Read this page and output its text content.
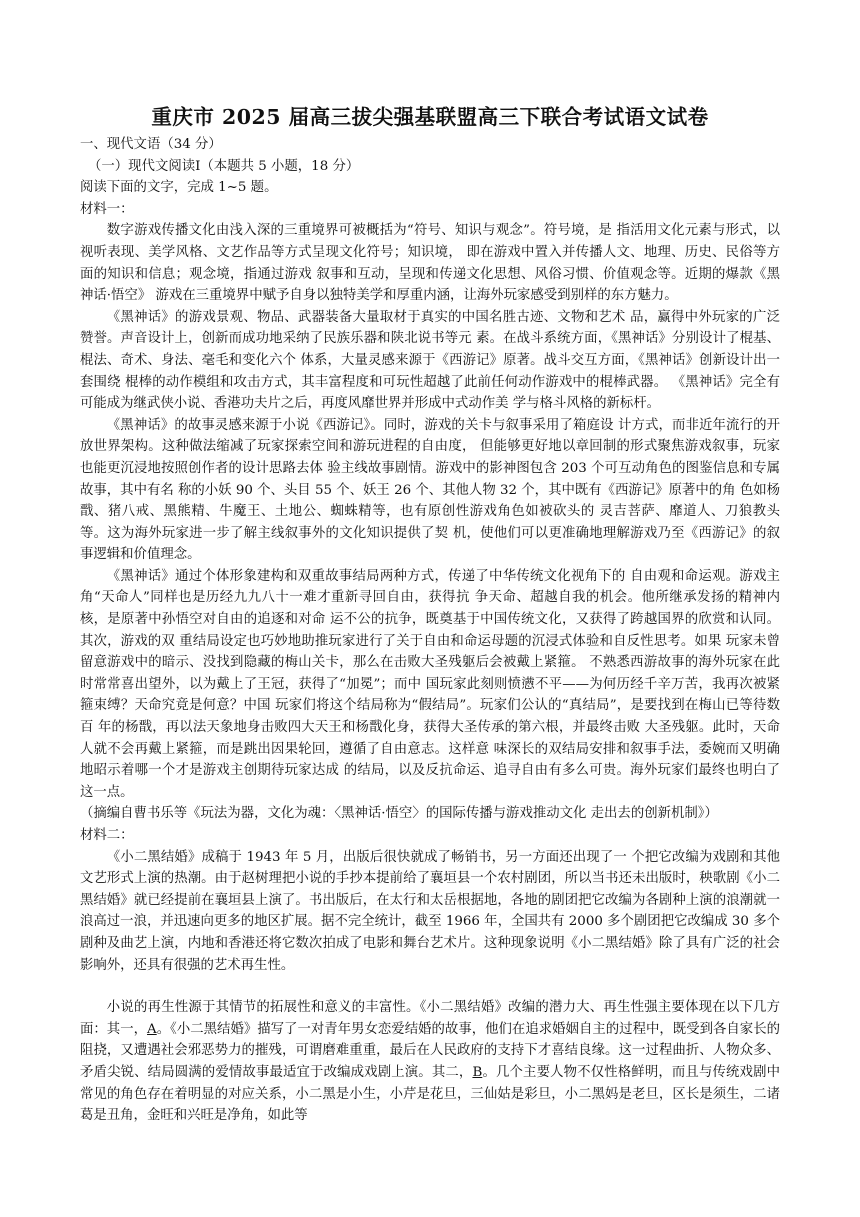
重庆市 2025 届高三拔尖强基联盟高三下联合考试语文试卷
一、现代文语（34 分）
（一）现代文阅读Ⅰ（本题共 5 小题，18 分）
阅读下面的文字，完成 1~5 题。
材料一：

数字游戏传播文化由浅入深的三重境界可被概括为“符号、知识与观念”。符号境，是 指活用文化元素与形式，以视听表现、美学风格、文艺作品等方式呈现文化符号；知识境， 即在游戏中置入并传播人文、地理、历史、民俗等方面的知识和信息；观念境，指通过游戏 叙事和互动，呈现和传递文化思想、风俗习惯、价值观念等。近期的爆款《黑神话·悟空》 游戏在三重境界中赋予自身以独特美学和厚重内涵，让海外玩家感受到别样的东方魅力。

《黑神话》的游戏景观、物品、武器装备大量取材于真实的中国名胜古迹、文物和艺术 品，赢得中外玩家的广泛赞誉。声音设计上，创新而成功地采纳了民族乐器和陕北说书等元 素。在战斗系统方面，《黑神话》分别设计了棍基、棍法、奇术、身法、毫毛和变化六个 体系，大量灵感来源于《西游记》原著。战斗交互方面，《黑神话》创新设计出一套围绕 棍棒的动作模组和攻击方式，其丰富程度和可玩性超越了此前任何动作游戏中的棍棒武器。 《黑神话》完全有可能成为继武侠小说、香港功夫片之后，再度风靡世界并形成中式动作美 学与格斗风格的新标杆。

《黑神话》的故事灵感来源于小说《西游记》。同时，游戏的关卡与叙事采用了箱庭设 计方式，而非近年流行的开放世界架构。这种做法缩减了玩家探索空间和游玩进程的自由度， 但能够更好地以章回制的形式聚焦游戏叙事，玩家也能更沉浸地按照创作者的设计思路去体 验主线故事剧情。游戏中的影神图包含 203 个可互动角色的图鉴信息和专属故事，其中有名 称的小妖 90 个、头目 55 个、妖王 26 个、其他人物 32 个，其中既有《西游记》原著中的角 色如杨戬、猪八戒、黑熊精、牛魔王、土地公、蜘蛛精等，也有原创性游戏角色如被砍头的 灵吉菩萨、靡道人、刀狼教头等。这为海外玩家进一步了解主线叙事外的文化知识提供了契 机，使他们可以更准确地理解游戏乃至《西游记》的叙事逻辑和价值理念。

《黑神话》通过个体形象建构和双重故事结局两种方式，传递了中华传统文化视角下的 自由观和命运观。游戏主角“天命人”同样也是历经九九八十一难才重新寻回自由，获得抗 争天命、超越自我的机会。他所继承发扬的精神内核，是原著中孙悟空对自由的追逐和对命 运不公的抗争，既奠基于中国传统文化，又获得了跨越国界的欣赏和认同。其次，游戏的双 重结局设定也巧妙地助推玩家进行了关于自由和命运母题的沉浸式体验和自反性思考。如果 玩家未曾留意游戏中的暗示、没找到隐藏的梅山关卡，那么在击败大圣残躯后会被戴上紧箍。 不熟悉西游故事的海外玩家在此时常常喜出望外，以为戴上了王冠，获得了“加冕”；而中 国玩家此刻则愤懑不平——为何历经千辛万苦，我再次被紧箍束缚？天命究竟是何意？中国 玩家们将这个结局称为“假结局”。玩家们公认的“真结局”，是要找到在梅山已等待数百 年的杨戬，再以法天象地身击败四大天王和杨戬化身，获得大圣传承的第六根，并最终击败 大圣残躯。此时，天命人就不会再戴上紧箍，而是跳出因果轮回，遵循了自由意志。这样意 味深长的双结局安排和叙事手法，委婉而又明确地昭示着哪一个才是游戏主创期待玩家达成 的结局，以及反抗命运、追寻自由有多么可贵。海外玩家们最终也明白了这一点。

（摘编自曹书乐等《玩法为器，文化为魂：〈黑神话·悟空〉的国际传播与游戏推动文化 走出去的创新机制》）
材料二：

《小二黑结婚》成稿于 1943 年 5 月，出版后很快就成了畅销书，另一方面还出现了一 个把它改编为戏剧和其他文艺形式上演的热潮。由于赵树理把小说的手抄本提前给了襄垣县一个农村剧团，所以当书还未出版时，秧歌剧《小二黑结婚》就已经提前在襄垣县上演了。书出版后，在太行和太岳根据地，各地的剧团把它改编为各剧种上演的浪潮就一浪高过一浪，并迅速向更多的地区扩展。据不完全统计，截至 1966 年，全国共有 2000 多个剧团把它改编成 30 多个剧种及曲艺上演，内地和香港还将它数次拍成了电影和舞台艺术片。这种现象说明《小二黑结婚》除了具有广泛的社会影响外，还具有很强的艺术再生性。

小说的再生性源于其情节的拓展性和意义的丰富性。《小二黑结婚》改编的潜力大、再生性强主要体现在以下几方面：其一，A。《小二黑结婚》描写了一对青年男女恋爱结婚的故事，他们在追求婚姻自主的过程中，既受到各自家长的阻挠，又遭遇社会邪恶势力的摧残，可谓磨难重重，最后在人民政府的支持下才喜结良缘。这一过程曲折、人物众多、矛盾尖锐、结局圆满的爱情故事最适宜于改编成戏剧上演。其二，B。几个主要人物不仅性格鲜明，而且与传统戏剧中常见的角色存在着明显的对应关系，小二黑是小生，小芹是花旦，三仙姑是彩旦，小二黑妈是老旦，区长是须生，二诸葛是丑角，金旺和兴旺是净角，如此等
